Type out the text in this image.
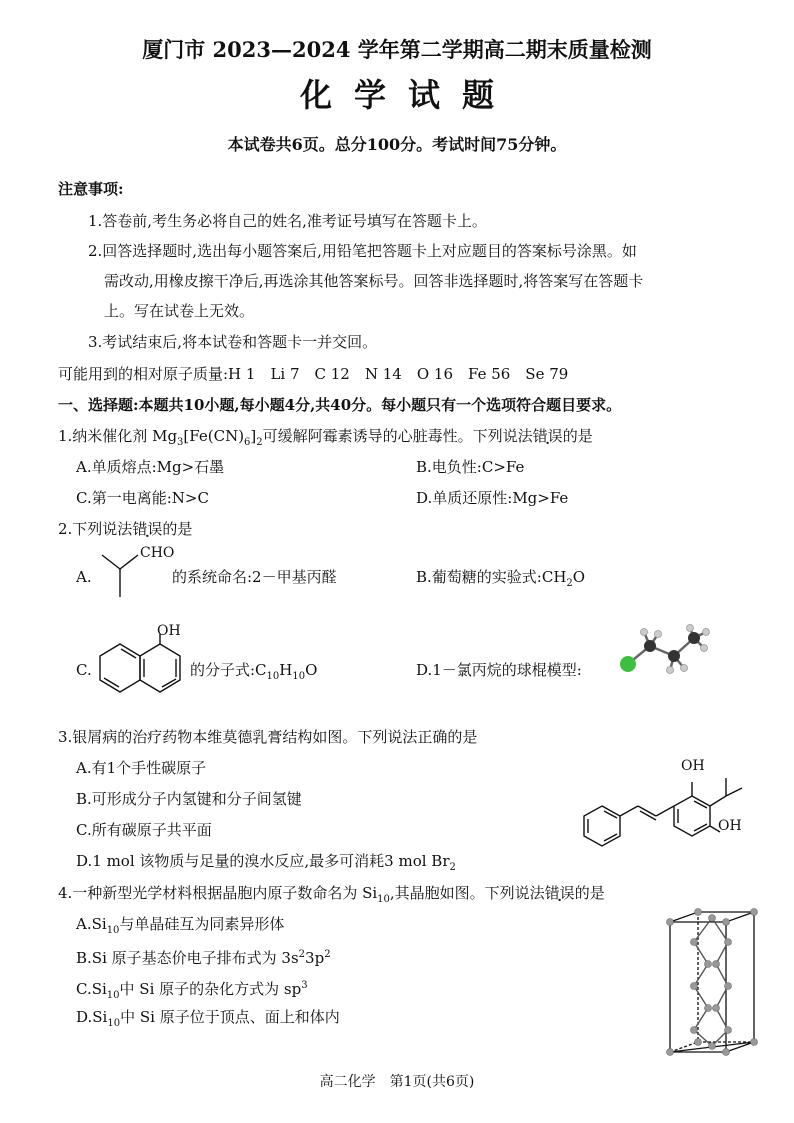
厦门市 2023—2024 学年第二学期高二期末质量检测
化学试题
本试卷共6页。总分100分。考试时间75分钟。
注意事项:
1.答卷前,考生务必将自己的姓名,准考证号填写在答题卡上。
2.回答选择题时,选出每小题答案后,用铅笔把答题卡上对应题目的答案标号涂黑。如
需改动,用橡皮擦干净后,再选涂其他答案标号。回答非选择题时,将答案写在答题卡
上。写在试卷上无效。
3.考试结束后,将本试卷和答题卡一并交回。
可能用到的相对原子质量:H 1　Li 7　C 12　N 14　O 16　Fe 56　Se 79
一、选择题:本题共10小题,每小题4分,共40分。每小题只有一个选项符合题目要求。
1.纳米催化剂 $Mg_3[Fe(CN)_6]_2$可缓解阿霉素诱导的心脏毒性。下列说法错误的是
A.单质熔点:Mg>石墨	B.电负性:C>Fe
C.第一电离能:N>C	D.单质还原性:Mg>Fe
2.下列说法错误的是
A.
CHO
的系统命名:2－甲基丙醛	B.葡萄糖的实验式$:CH_2O$
C.
OH
的分子式$:C_{10}H_{10}O$	D.1－氯丙烷的球棍模型:
3.银屑病的治疗药物本维莫德乳膏结构如图。下列说法正确的是
A.有1个手性碳原子
B.可形成分子内氢键和分子间氢键
C.所有碳原子共平面
D.1 mol 该物质与足量的溴水反应,最多可消耗3 mol $Br_2$
OH
OH
4.一种新型光学材料根据晶胞内原子数命名为 $Si_{10}$,其晶胞如图。下列说法错误的是
$A.Si_{10}$与单晶硅互为同素异形体
B.Si 原子基态价电子排布式为 $3s^23p^2$
$C.Si_{10}$中 Si 原子的杂化方式为 $sp^3$
$D.Si_{10}$中 Si 原子位于顶点、面上和体内
高二化学　第1页(共6页)
